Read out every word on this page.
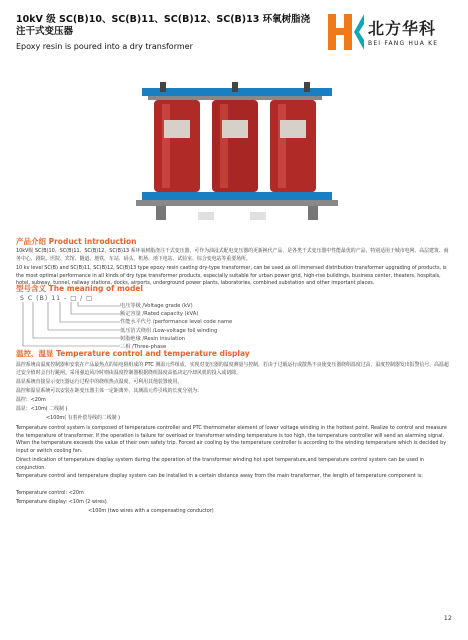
10kV 级 SC(B)10、SC(B)11、SC(B)12、SC(B)13 环氧树脂浇注干式变压器

Epoxy resin is poured into a dry transformer

北方华科
BEI FANG HUA KE
产品介绍 Product introduction

10kV级 SC(B)10、SC(B)11、SC(B)12、SC(B)13 系环氧树脂浇注干式变压器，可作为油浸式配电变压器的更新换代产品，是各类干式变压器中性能最优的产品，特别适用于城市电网、高层建筑、商务中心、剧院、医院、宾馆、隧道、地铁、车站、码头、机场、地下电站、试验室、综合变电站等重要场所。

10 kv level SC(B) and SC(B)11, SC(B)12, SC(B)13 type epoxy resin casting dry-type transformer, can be used as oil immersed distribution transformer upgrading of products, is the most optimal performance in all kinds of dry type transformer products, especially suitable for urban power grid, high-rise buildings, business center, theaters, hospitals, hotel, subway, tunnel, railway stations, docks, airports, underground power plants, laboratories, combined substation and other important places.

型号含义 The meaning of model
S C (B) 11 - □ / □
电压等级 /Voltage grade (kV)
额定容量 /Rated capacity (kVA)
性能水平代号 /performance level code name
低压箔式绕组 /Low-voltage foil winding
树脂绝缘 /Resin insulation
三相 /Three-phase
温控、温显 Temperature control and temperature display

温控系统由温度控制器和安装在产品最热点的铂电阻组成的 PTC 测温元件组成，实现对变压器的温度测量与控制，若由于过载运行或散热不良使变压器绕组温度过高，温度控制器发出报警信号，高温超过安全值时会自行跳闸。采用强迫风冷时则由温度控制器根据绕组温度高低决定冷却风机的投入或切除。

温显系统直接显示变压器运行过程中的绕组热点温度，可利用其他装置使用。

温控和温显系统可以安装在距变压器主体一定距离外，其测温元件引线的长度分别为：

温控：<20m

温显：<10m( 二线制 )

<100m( 有着补偿导线的二线制 )

Temperature control system is composed of temperature controller and PTC thermometer element of lower voltage winding in the hottest point. Realize to control and measure the temperature of transformer. If the operation is failure for overload or transformer winding temperature is too high, the temperature controller will send an alarming signal. When the temperature exceeds the value of their own safety trip. Forced air cooling by the temperature controller is according to the winding temperature which is decided by input or switch cooling fan.

Direct indication of temperature display system during the operation of the transformer winding hot spot temperature,and temperature control system can be used in conjunction.

Temperature control and temperature display system can be installed in a certain distance away from the main transformer, the length of temperature component is:

Temperature control: <20m

Temperature display: <10m (2 wires)

<100m (two wires with a compensating conductor)

12
